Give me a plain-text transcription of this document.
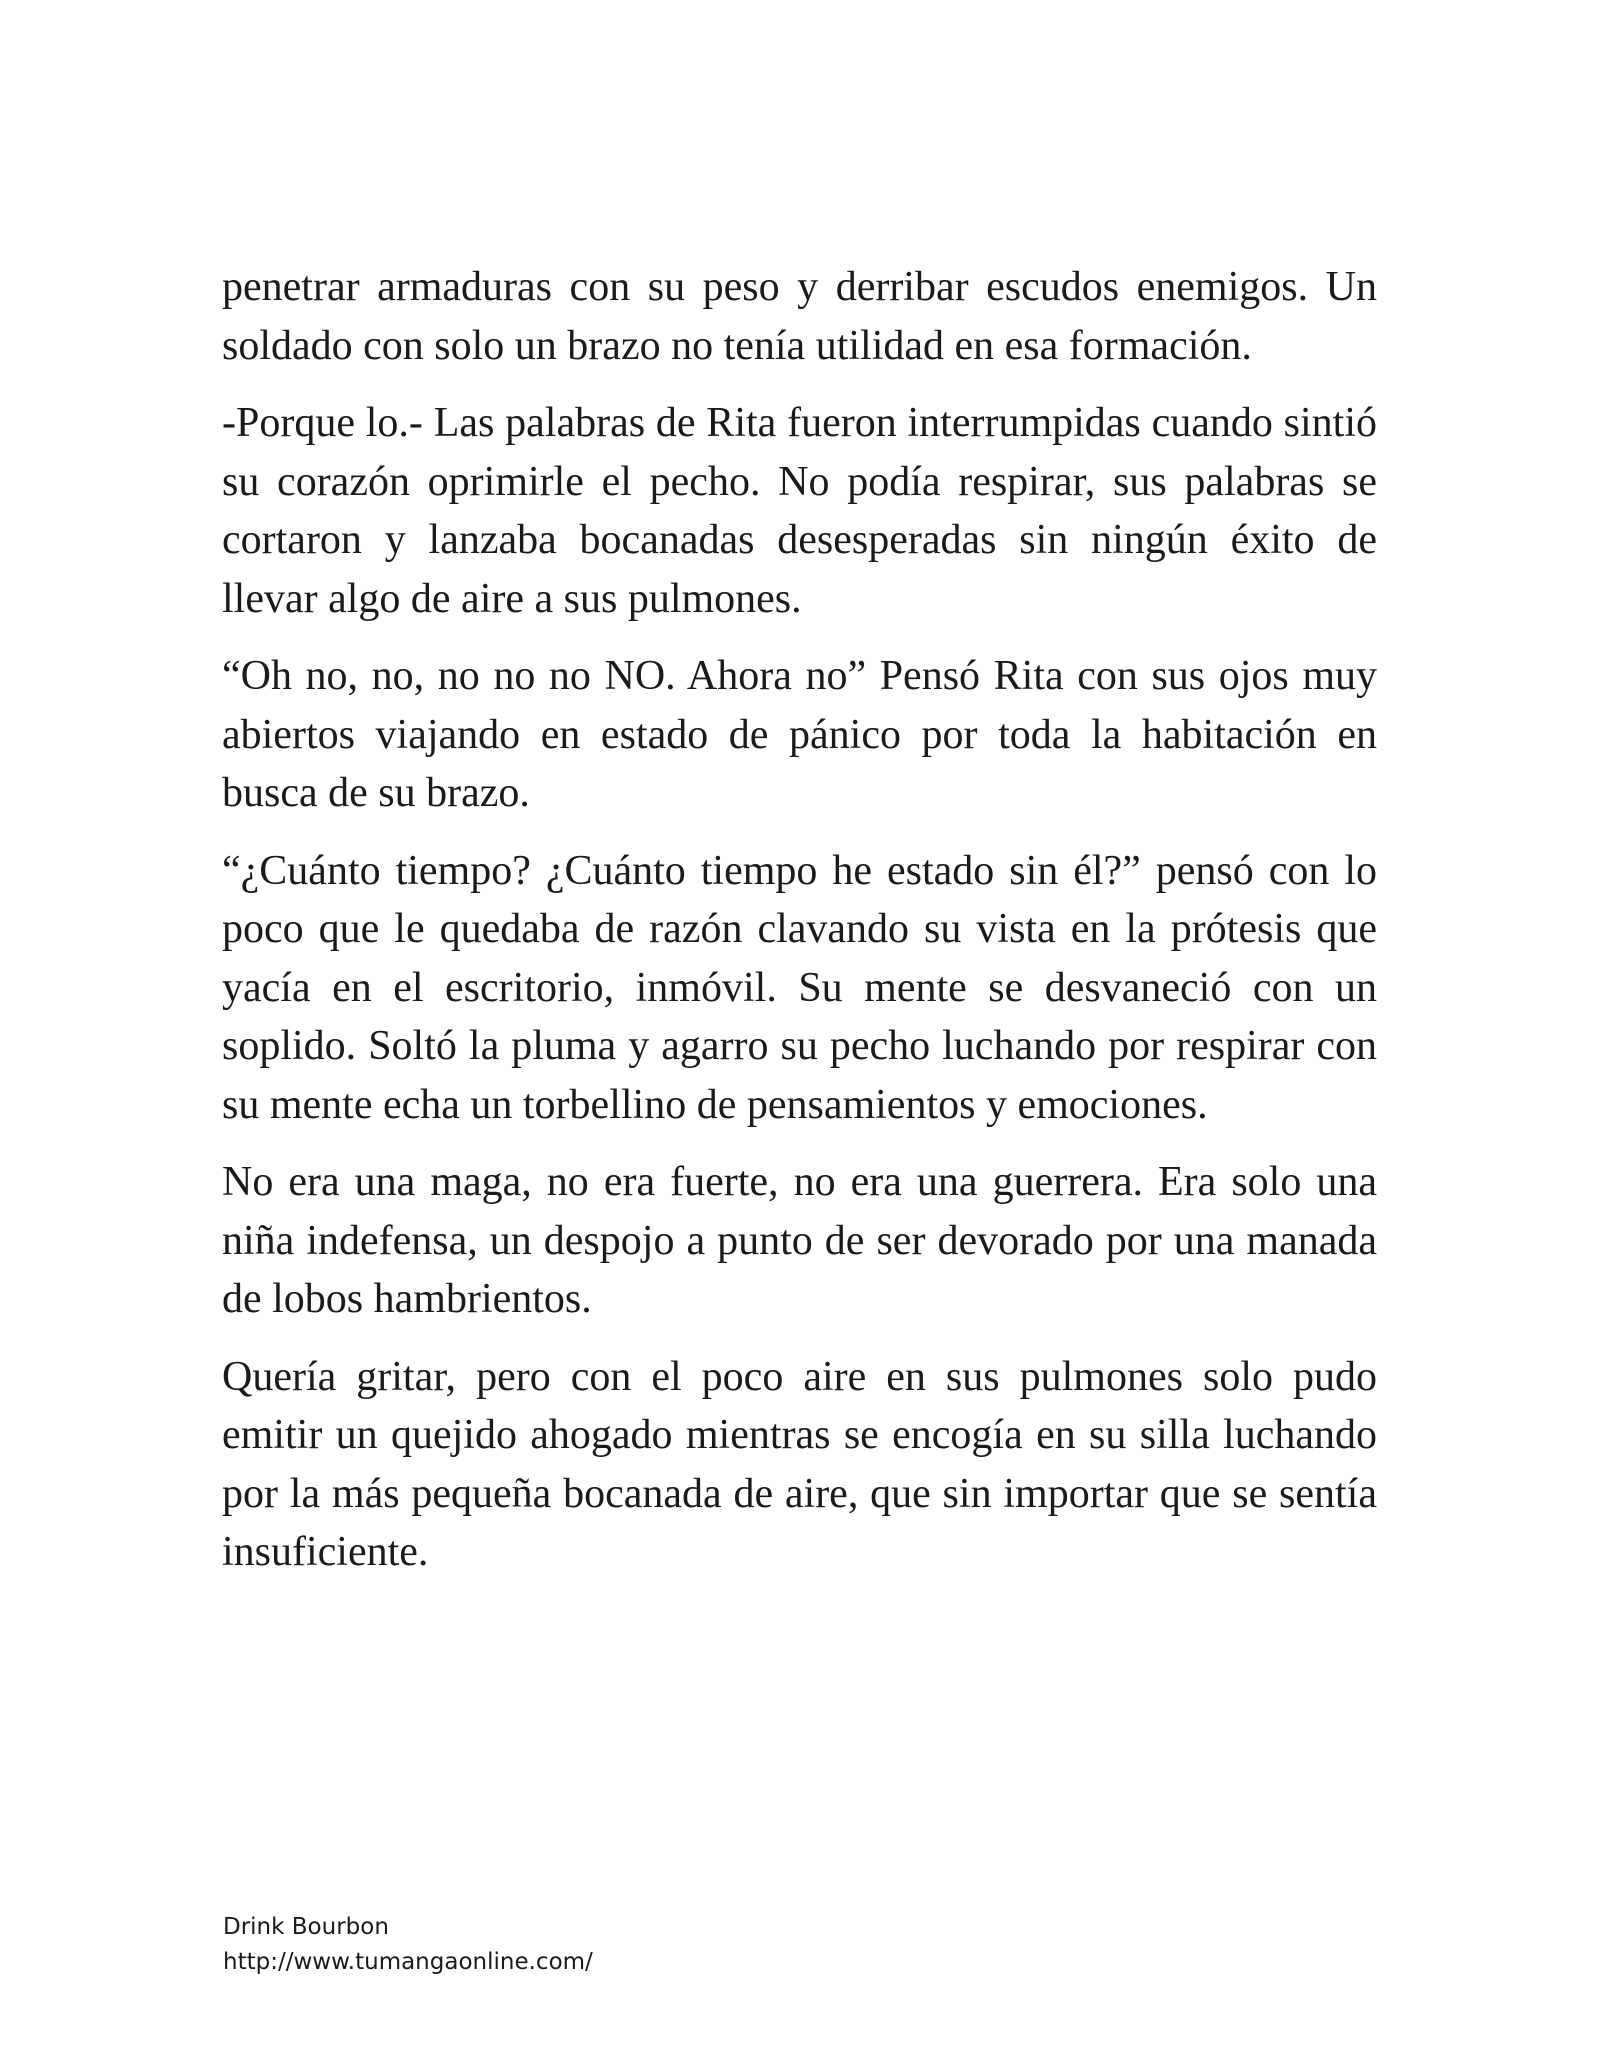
penetrar armaduras con su peso y derribar escudos enemigos. Un soldado con solo un brazo no tenía utilidad en esa formación.

-Porque lo.- Las palabras de Rita fueron interrumpidas cuando sintió su corazón oprimirle el pecho. No podía respirar, sus palabras se cortaron y lanzaba bocanadas desesperadas sin ningún éxito de llevar algo de aire a sus pulmones.

“Oh no, no, no no no NO. Ahora no” Pensó Rita con sus ojos muy abiertos viajando en estado de pánico por toda la habitación en busca de su brazo.

“¿Cuánto tiempo? ¿Cuánto tiempo he estado sin él?” pensó con lo poco que le quedaba de razón clavando su vista en la prótesis que yacía en el escritorio, inmóvil. Su mente se desvaneció con un soplido. Soltó la pluma y agarro su pecho luchando por respirar con su mente echa un torbellino de pensamientos y emociones.

No era una maga, no era fuerte, no era una guerrera. Era solo una niña indefensa, un despojo a punto de ser devorado por una manada de lobos hambrientos.

Quería gritar, pero con el poco aire en sus pulmones solo pudo emitir un quejido ahogado mientras se encogía en su silla luchando por la más pequeña bocanada de aire, que sin importar que se sentía insuficiente.

Drink Bourbon
http://www.tumangaonline.com/
